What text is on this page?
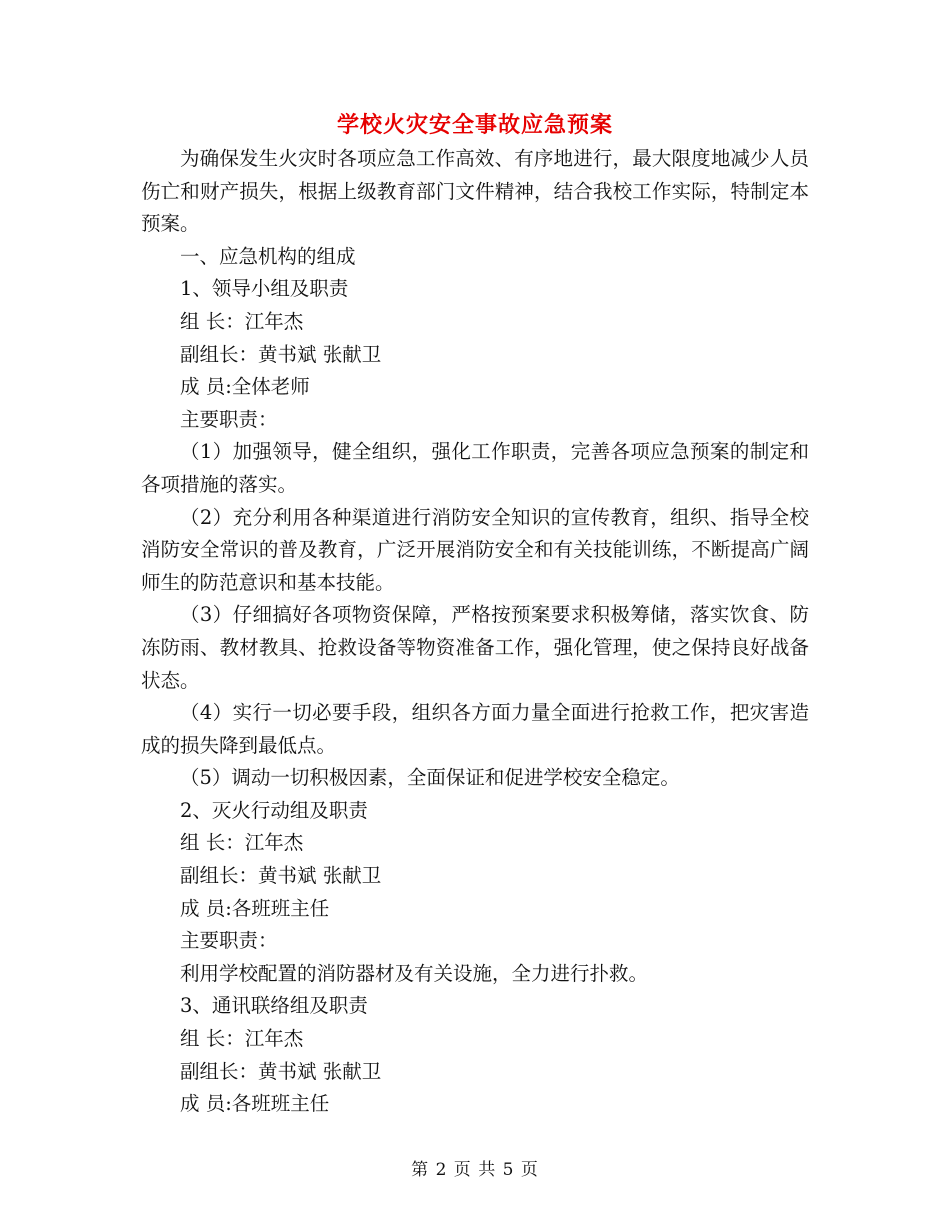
学校火灾安全事故应急预案

为确保发生火灾时各项应急工作高效、有序地进行，最大限度地减少人员伤亡和财产损失，根据上级教育部门文件精神，结合我校工作实际，特制定本预案。

一、应急机构的组成

1、领导小组及职责

组 长：江年杰

副组长：黄书斌 张献卫

成 员:全体老师

主要职责：

（1）加强领导，健全组织，强化工作职责，完善各项应急预案的制定和各项措施的落实。

（2）充分利用各种渠道进行消防安全知识的宣传教育，组织、指导全校消防安全常识的普及教育，广泛开展消防安全和有关技能训练，不断提高广阔师生的防范意识和基本技能。

（3）仔细搞好各项物资保障，严格按预案要求积极筹储，落实饮食、防冻防雨、教材教具、抢救设备等物资准备工作，强化管理，使之保持良好战备状态。

（4）实行一切必要手段，组织各方面力量全面进行抢救工作，把灾害造成的损失降到最低点。

（5）调动一切积极因素，全面保证和促进学校安全稳定。

2、灭火行动组及职责

组 长：江年杰

副组长：黄书斌 张献卫

成 员:各班班主任

主要职责：

利用学校配置的消防器材及有关设施，全力进行扑救。

3、通讯联络组及职责

组 长：江年杰

副组长：黄书斌 张献卫

成 员:各班班主任

第 2 页 共 5 页
